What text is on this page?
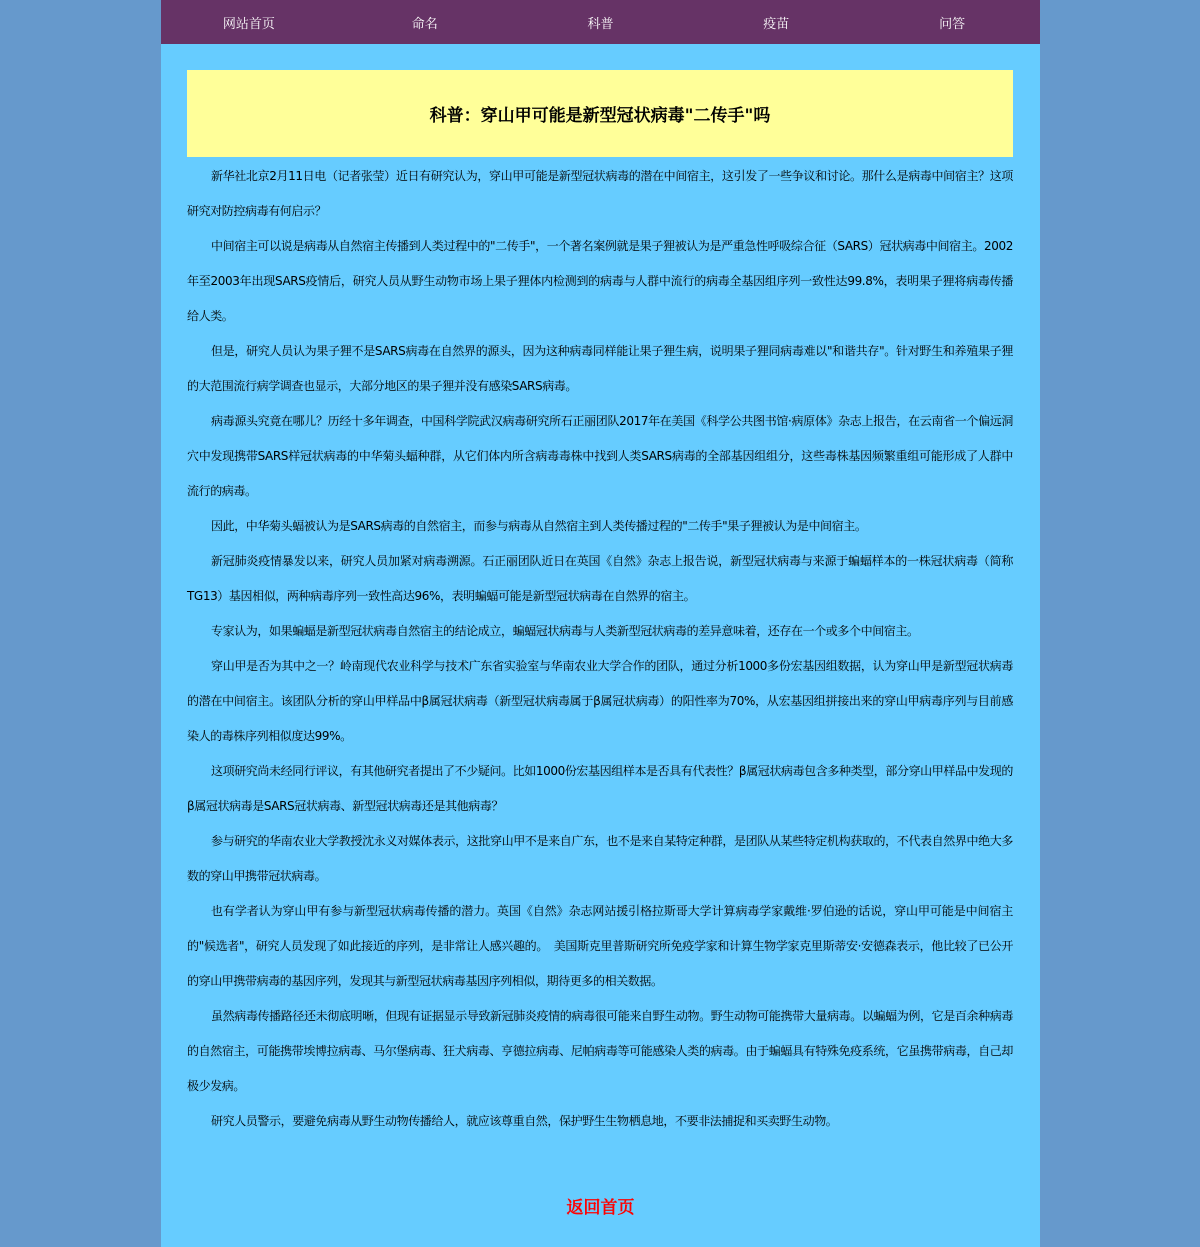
网站首页	命名	科普	疫苗	问答
科普：穿山甲可能是新型冠状病毒"二传手"吗

新华社北京2月11日电（记者张莹）近日有研究认为，穿山甲可能是新型冠状病毒的潜在中间宿主，这引发了一些争议和讨论。那什么是病毒中间宿主？这项研究对防控病毒有何启示？

中间宿主可以说是病毒从自然宿主传播到人类过程中的"二传手"，一个著名案例就是果子狸被认为是严重急性呼吸综合征（SARS）冠状病毒中间宿主。2002年至2003年出现SARS疫情后，研究人员从野生动物市场上果子狸体内检测到的病毒与人群中流行的病毒全基因组序列一致性达99.8%，表明果子狸将病毒传播给人类。

但是，研究人员认为果子狸不是SARS病毒在自然界的源头，因为这种病毒同样能让果子狸生病，说明果子狸同病毒难以"和谐共存"。针对野生和养殖果子狸的大范围流行病学调查也显示，大部分地区的果子狸并没有感染SARS病毒。

病毒源头究竟在哪儿？历经十多年调查，中国科学院武汉病毒研究所石正丽团队2017年在美国《科学公共图书馆·病原体》杂志上报告，在云南省一个偏远洞穴中发现携带SARS样冠状病毒的中华菊头蝠种群，从它们体内所含病毒毒株中找到人类SARS病毒的全部基因组组分，这些毒株基因频繁重组可能形成了人群中流行的病毒。

因此，中华菊头蝠被认为是SARS病毒的自然宿主，而参与病毒从自然宿主到人类传播过程的"二传手"果子狸被认为是中间宿主。

新冠肺炎疫情暴发以来，研究人员加紧对病毒溯源。石正丽团队近日在英国《自然》杂志上报告说，新型冠状病毒与来源于蝙蝠样本的一株冠状病毒（简称TG13）基因相似，两种病毒序列一致性高达96%，表明蝙蝠可能是新型冠状病毒在自然界的宿主。

专家认为，如果蝙蝠是新型冠状病毒自然宿主的结论成立，蝙蝠冠状病毒与人类新型冠状病毒的差异意味着，还存在一个或多个中间宿主。

穿山甲是否为其中之一？岭南现代农业科学与技术广东省实验室与华南农业大学合作的团队，通过分析1000多份宏基因组数据，认为穿山甲是新型冠状病毒的潜在中间宿主。该团队分析的穿山甲样品中β属冠状病毒（新型冠状病毒属于β属冠状病毒）的阳性率为70%，从宏基因组拼接出来的穿山甲病毒序列与目前感染人的毒株序列相似度达99%。

这项研究尚未经同行评议，有其他研究者提出了不少疑问。比如1000份宏基因组样本是否具有代表性？β属冠状病毒包含多种类型，部分穿山甲样品中发现的β属冠状病毒是SARS冠状病毒、新型冠状病毒还是其他病毒？

参与研究的华南农业大学教授沈永义对媒体表示，这批穿山甲不是来自广东，也不是来自某特定种群，是团队从某些特定机构获取的，不代表自然界中绝大多数的穿山甲携带冠状病毒。

也有学者认为穿山甲有参与新型冠状病毒传播的潜力。英国《自然》杂志网站援引格拉斯哥大学计算病毒学家戴维·罗伯逊的话说，穿山甲可能是中间宿主的"候选者"，研究人员发现了如此接近的序列，是非常让人感兴趣的。　美国斯克里普斯研究所免疫学家和计算生物学家克里斯蒂安·安德森表示，他比较了已公开的穿山甲携带病毒的基因序列，发现其与新型冠状病毒基因序列相似，期待更多的相关数据。

虽然病毒传播路径还未彻底明晰，但现有证据显示导致新冠肺炎疫情的病毒很可能来自野生动物。野生动物可能携带大量病毒。以蝙蝠为例，它是百余种病毒的自然宿主，可能携带埃博拉病毒、马尔堡病毒、狂犬病毒、亨德拉病毒、尼帕病毒等可能感染人类的病毒。由于蝙蝠具有特殊免疫系统，它虽携带病毒，自己却极少发病。

研究人员警示，要避免病毒从野生动物传播给人，就应该尊重自然，保护野生生物栖息地，不要非法捕捉和买卖野生动物。

返回首页
